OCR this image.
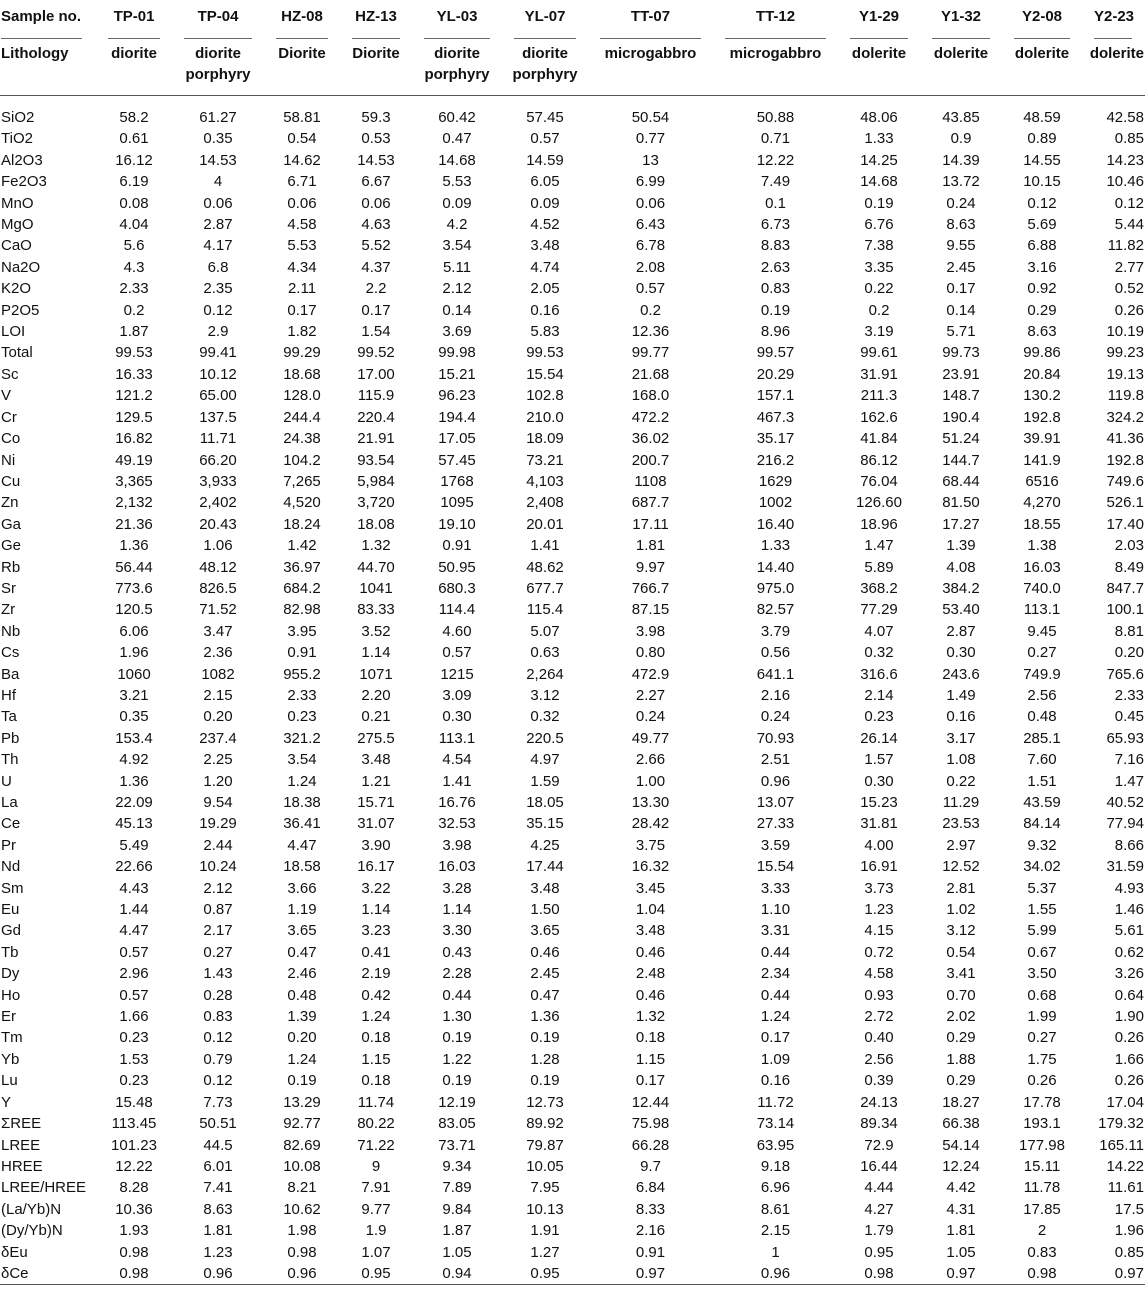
Sample no.	TP-01	TP-04	HZ-08	HZ-13	YL-03	YL-07	TT-07	TT-12	Y1-29	Y1-32	Y2-08	Y2-23

Lithology	diorite	diorite porphyry	Diorite	Diorite	diorite porphyry	diorite porphyry	microgabbro	microgabbro	dolerite	dolerite	dolerite	dolerite
SiO2	58.2	61.27	58.81	59.3	60.42	57.45	50.54	50.88	48.06	43.85	48.59	42.58
TiO2	0.61	0.35	0.54	0.53	0.47	0.57	0.77	0.71	1.33	0.9	0.89	0.85
Al2O3	16.12	14.53	14.62	14.53	14.68	14.59	13	12.22	14.25	14.39	14.55	14.23
Fe2O3	6.19	4	6.71	6.67	5.53	6.05	6.99	7.49	14.68	13.72	10.15	10.46
MnO	0.08	0.06	0.06	0.06	0.09	0.09	0.06	0.1	0.19	0.24	0.12	0.12
MgO	4.04	2.87	4.58	4.63	4.2	4.52	6.43	6.73	6.76	8.63	5.69	5.44
CaO	5.6	4.17	5.53	5.52	3.54	3.48	6.78	8.83	7.38	9.55	6.88	11.82
Na2O	4.3	6.8	4.34	4.37	5.11	4.74	2.08	2.63	3.35	2.45	3.16	2.77
K2O	2.33	2.35	2.11	2.2	2.12	2.05	0.57	0.83	0.22	0.17	0.92	0.52
P2O5	0.2	0.12	0.17	0.17	0.14	0.16	0.2	0.19	0.2	0.14	0.29	0.26
LOI	1.87	2.9	1.82	1.54	3.69	5.83	12.36	8.96	3.19	5.71	8.63	10.19
Total	99.53	99.41	99.29	99.52	99.98	99.53	99.77	99.57	99.61	99.73	99.86	99.23
Sc	16.33	10.12	18.68	17.00	15.21	15.54	21.68	20.29	31.91	23.91	20.84	19.13
V	121.2	65.00	128.0	115.9	96.23	102.8	168.0	157.1	211.3	148.7	130.2	119.8
Cr	129.5	137.5	244.4	220.4	194.4	210.0	472.2	467.3	162.6	190.4	192.8	324.2
Co	16.82	11.71	24.38	21.91	17.05	18.09	36.02	35.17	41.84	51.24	39.91	41.36
Ni	49.19	66.20	104.2	93.54	57.45	73.21	200.7	216.2	86.12	144.7	141.9	192.8
Cu	3,365	3,933	7,265	5,984	1768	4,103	1108	1629	76.04	68.44	6516	749.6
Zn	2,132	2,402	4,520	3,720	1095	2,408	687.7	1002	126.60	81.50	4,270	526.1
Ga	21.36	20.43	18.24	18.08	19.10	20.01	17.11	16.40	18.96	17.27	18.55	17.40
Ge	1.36	1.06	1.42	1.32	0.91	1.41	1.81	1.33	1.47	1.39	1.38	2.03
Rb	56.44	48.12	36.97	44.70	50.95	48.62	9.97	14.40	5.89	4.08	16.03	8.49
Sr	773.6	826.5	684.2	1041	680.3	677.7	766.7	975.0	368.2	384.2	740.0	847.7
Zr	120.5	71.52	82.98	83.33	114.4	115.4	87.15	82.57	77.29	53.40	113.1	100.1
Nb	6.06	3.47	3.95	3.52	4.60	5.07	3.98	3.79	4.07	2.87	9.45	8.81
Cs	1.96	2.36	0.91	1.14	0.57	0.63	0.80	0.56	0.32	0.30	0.27	0.20
Ba	1060	1082	955.2	1071	1215	2,264	472.9	641.1	316.6	243.6	749.9	765.6
Hf	3.21	2.15	2.33	2.20	3.09	3.12	2.27	2.16	2.14	1.49	2.56	2.33
Ta	0.35	0.20	0.23	0.21	0.30	0.32	0.24	0.24	0.23	0.16	0.48	0.45
Pb	153.4	237.4	321.2	275.5	113.1	220.5	49.77	70.93	26.14	3.17	285.1	65.93
Th	4.92	2.25	3.54	3.48	4.54	4.97	2.66	2.51	1.57	1.08	7.60	7.16
U	1.36	1.20	1.24	1.21	1.41	1.59	1.00	0.96	0.30	0.22	1.51	1.47
La	22.09	9.54	18.38	15.71	16.76	18.05	13.30	13.07	15.23	11.29	43.59	40.52
Ce	45.13	19.29	36.41	31.07	32.53	35.15	28.42	27.33	31.81	23.53	84.14	77.94
Pr	5.49	2.44	4.47	3.90	3.98	4.25	3.75	3.59	4.00	2.97	9.32	8.66
Nd	22.66	10.24	18.58	16.17	16.03	17.44	16.32	15.54	16.91	12.52	34.02	31.59
Sm	4.43	2.12	3.66	3.22	3.28	3.48	3.45	3.33	3.73	2.81	5.37	4.93
Eu	1.44	0.87	1.19	1.14	1.14	1.50	1.04	1.10	1.23	1.02	1.55	1.46
Gd	4.47	2.17	3.65	3.23	3.30	3.65	3.48	3.31	4.15	3.12	5.99	5.61
Tb	0.57	0.27	0.47	0.41	0.43	0.46	0.46	0.44	0.72	0.54	0.67	0.62
Dy	2.96	1.43	2.46	2.19	2.28	2.45	2.48	2.34	4.58	3.41	3.50	3.26
Ho	0.57	0.28	0.48	0.42	0.44	0.47	0.46	0.44	0.93	0.70	0.68	0.64
Er	1.66	0.83	1.39	1.24	1.30	1.36	1.32	1.24	2.72	2.02	1.99	1.90
Tm	0.23	0.12	0.20	0.18	0.19	0.19	0.18	0.17	0.40	0.29	0.27	0.26
Yb	1.53	0.79	1.24	1.15	1.22	1.28	1.15	1.09	2.56	1.88	1.75	1.66
Lu	0.23	0.12	0.19	0.18	0.19	0.19	0.17	0.16	0.39	0.29	0.26	0.26
Y	15.48	7.73	13.29	11.74	12.19	12.73	12.44	11.72	24.13	18.27	17.78	17.04
ΣREE	113.45	50.51	92.77	80.22	83.05	89.92	75.98	73.14	89.34	66.38	193.1	179.32
LREE	101.23	44.5	82.69	71.22	73.71	79.87	66.28	63.95	72.9	54.14	177.98	165.11
HREE	12.22	6.01	10.08	9	9.34	10.05	9.7	9.18	16.44	12.24	15.11	14.22
LREE/HREE	8.28	7.41	8.21	7.91	7.89	7.95	6.84	6.96	4.44	4.42	11.78	11.61
(La/Yb)N	10.36	8.63	10.62	9.77	9.84	10.13	8.33	8.61	4.27	4.31	17.85	17.5
(Dy/Yb)N	1.93	1.81	1.98	1.9	1.87	1.91	2.16	2.15	1.79	1.81	2	1.96
δEu	0.98	1.23	0.98	1.07	1.05	1.27	0.91	1	0.95	1.05	0.83	0.85
δCe	0.98	0.96	0.96	0.95	0.94	0.95	0.97	0.96	0.98	0.97	0.98	0.97
